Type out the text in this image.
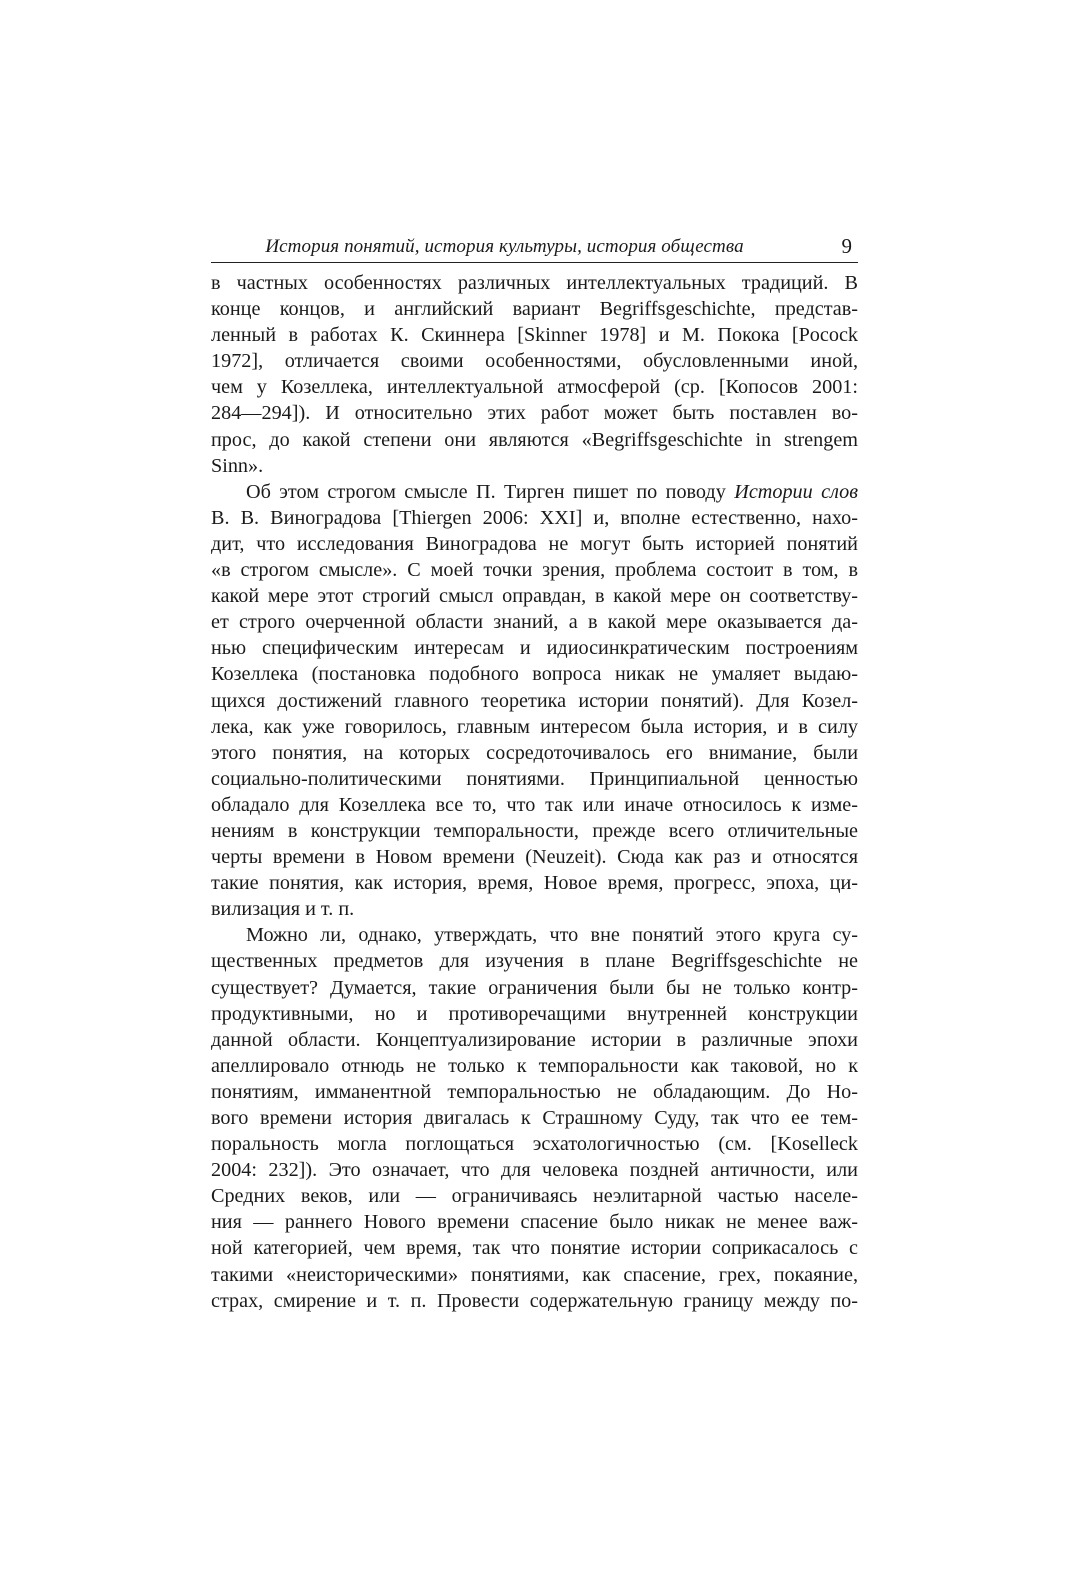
История понятий, история культуры, история общества	9

в частных особенностях различных интеллектуальных традиций. В
конце концов, и английский вариант Begriffsgeschichte, представ-
ленный в работах К. Скиннера [Skinner 1978] и М. Покока [Pocock
1972], отличается своими особенностями, обусловленными иной,
чем у Козеллека, интеллектуальной атмосферой (ср. [Копосов 2001:
284—294]). И относительно этих работ может быть поставлен во-
прос, до какой степени они являются «Begriffsgeschichte in strengem
Sinn».

Об этом строгом смысле П. Тирген пишет по поводу Истории слов
В. В. Виноградова [Thiergen 2006: XXI] и, вполне естественно, нахо-
дит, что исследования Виноградова не могут быть историей понятий
«в строгом смысле». С моей точки зрения, проблема состоит в том, в
какой мере этот строгий смысл оправдан, в какой мере он соответству-
ет строго очерченной области знаний, а в какой мере оказывается да-
нью специфическим интересам и идиосинкратическим построениям
Козеллека (постановка подобного вопроса никак не умаляет выдаю-
щихся достижений главного теоретика истории понятий). Для Козел-
лека, как уже говорилось, главным интересом была история, и в силу
этого понятия, на которых сосредоточивалось его внимание, были
социально-политическими понятиями. Принципиальной ценностью
обладало для Козеллека все то, что так или иначе относилось к изме-
нениям в конструкции темпоральности, прежде всего отличительные
черты времени в Новом времени (Neuzeit). Сюда как раз и относятся
такие понятия, как история, время, Новое время, прогресс, эпоха, ци-
вилизация и т. п.

Можно ли, однако, утверждать, что вне понятий этого круга су-
щественных предметов для изучения в плане Begriffsgeschichte не
существует? Думается, такие ограничения были бы не только контр-
продуктивными, но и противоречащими внутренней конструкции
данной области. Концептуализирование истории в различные эпохи
апеллировало отнюдь не только к темпоральности как таковой, но к
понятиям, имманентной темпоральностью не обладающим. До Но-
вого времени история двигалась к Страшному Суду, так что ее тем-
поральность могла поглощаться эсхатологичностью (см. [Koselleck
2004: 232]). Это означает, что для человека поздней античности, или
Средних веков, или — ограничиваясь неэлитарной частью населе-
ния — раннего Нового времени спасение было никак не менее важ-
ной категорией, чем время, так что понятие истории соприкасалось с
такими «неисторическими» понятиями, как спасение, грех, покаяние,
страх, смирение и т. п. Провести содержательную границу между по-
